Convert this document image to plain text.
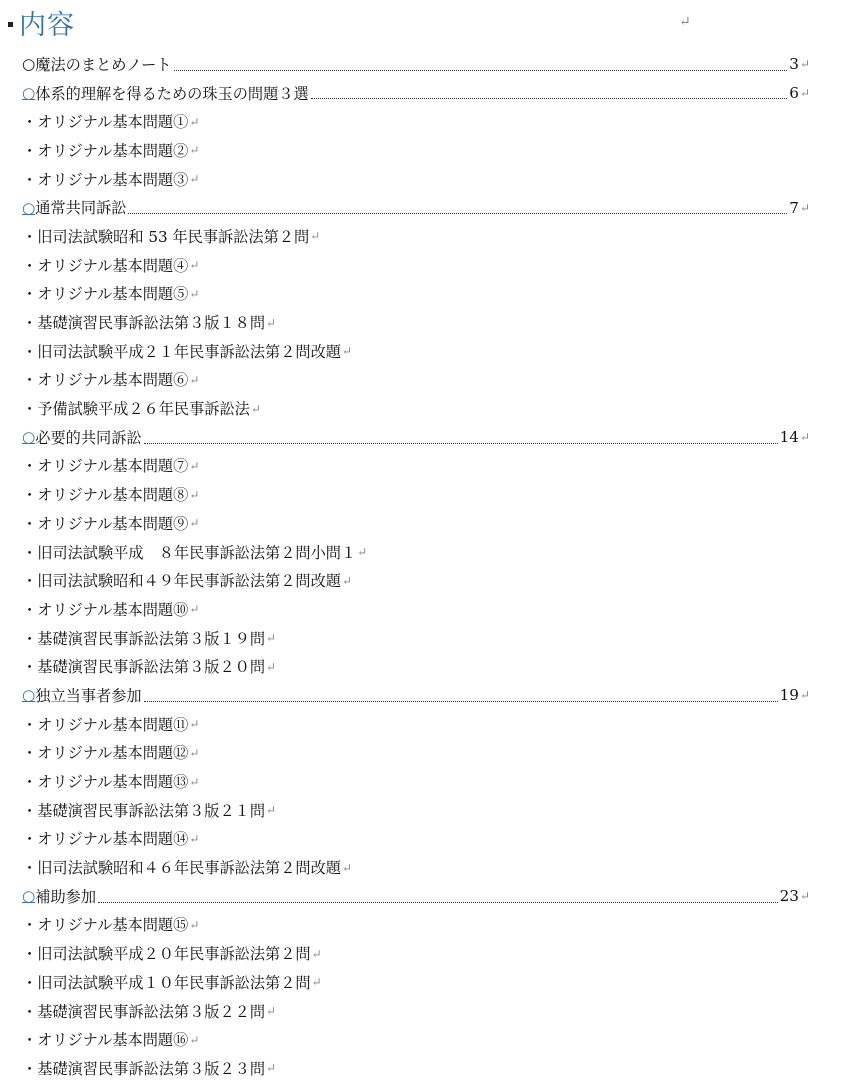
内容	↵
○ 魔法のまとめノート	3 ↵
○ 体系的理解を得るための珠玉の問題３選	6 ↵
・オリジナル基本問題① ↵
・オリジナル基本問題② ↵
・オリジナル基本問題③ ↵
○ 通常共同訴訟	7 ↵
・旧司法試験昭和 53 年民事訴訟法第２問 ↵
・オリジナル基本問題④ ↵
・オリジナル基本問題⑤ ↵
・基礎演習民事訴訟法第３版１８問 ↵
・旧司法試験平成２１年民事訴訟法第２問改題 ↵
・オリジナル基本問題⑥ ↵
・予備試験平成２６年民事訴訟法 ↵
○ 必要的共同訴訟	14 ↵
・オリジナル基本問題⑦ ↵
・オリジナル基本問題⑧ ↵
・オリジナル基本問題⑨ ↵
・旧司法試験平成　８年民事訴訟法第２問小問１ ↵
・旧司法試験昭和４９年民事訴訟法第２問改題 ↵
・オリジナル基本問題⑩ ↵
・基礎演習民事訴訟法第３版１９問 ↵
・基礎演習民事訴訟法第３版２０問 ↵
○ 独立当事者参加	19 ↵
・オリジナル基本問題⑪ ↵
・オリジナル基本問題⑫ ↵
・オリジナル基本問題⑬ ↵
・基礎演習民事訴訟法第３版２１問 ↵
・オリジナル基本問題⑭ ↵
・旧司法試験昭和４６年民事訴訟法第２問改題 ↵
○ 補助参加	23 ↵
・オリジナル基本問題⑮ ↵
・旧司法試験平成２０年民事訴訟法第２問 ↵
・旧司法試験平成１０年民事訴訟法第２問 ↵
・基礎演習民事訴訟法第３版２２問 ↵
・オリジナル基本問題⑯ ↵
・基礎演習民事訴訟法第３版２３問 ↵
